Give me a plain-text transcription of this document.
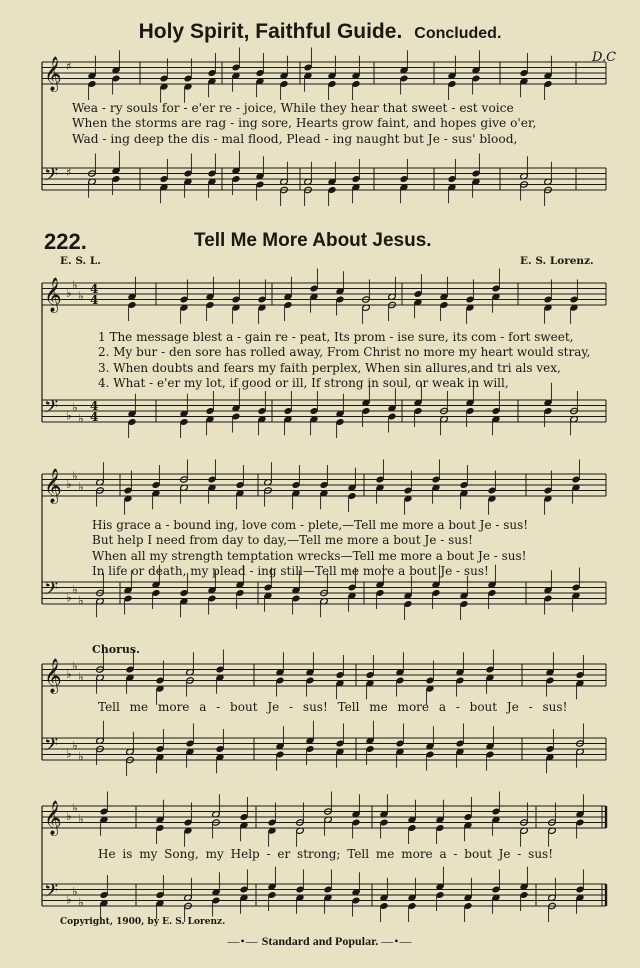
𝄞 ♯
𝄢 ♯
𝄞 ♭
♭
♭ 4
4
𝄢 ♭
♭
♭
4
4
𝄞 ♭
♭
♭
𝄢 ♭
♭
♭
𝄞 ♭
♭
♭
𝄢 ♭
♭
♭
𝄞 ♭
♭
♭
𝄢 ♭
♭
♭
Holy Spirit, Faithful Guide. Concluded.
D.C
Wea - ry souls for - e'er re - joice, While they hear that sweet - est voice
When the storms are rag - ing sore, Hearts grow faint, and hopes give o'er,
Wad - ing deep the dis - mal flood, Plead - ing naught but Je - sus' blood,
222.	Tell Me More About Jesus.
E. S. L.	E. S. Lorenz.
1 The message blest a - gain re - peat, Its prom - ise sure, its com - fort sweet,
2. My bur - den sore has rolled away, From Christ no more my heart would stray,
3. When doubts and fears my faith perplex, When sin allures,and tri als vex,
4. What - e'er my lot, if good or ill, If strong in soul, or weak in will,
His grace a - bound ing, love com - plete,—Tell me more a bout Je - sus!
But help I need from day to day,—Tell me more a bout Je - sus!
When all my strength temptation wrecks—Tell me more a bout Je - sus!
In life or death, my plead - ing still—Tell me more a bout Je - sus!
Chorus.
Tell me more a - bout Je - sus! Tell me more a - bout Je - sus!
He is my Song, my Help - er strong; Tell me more a - bout Je - sus!
Copyright, 1900, by E. S. Lorenz.
—•— Standard and Popular. —•—
